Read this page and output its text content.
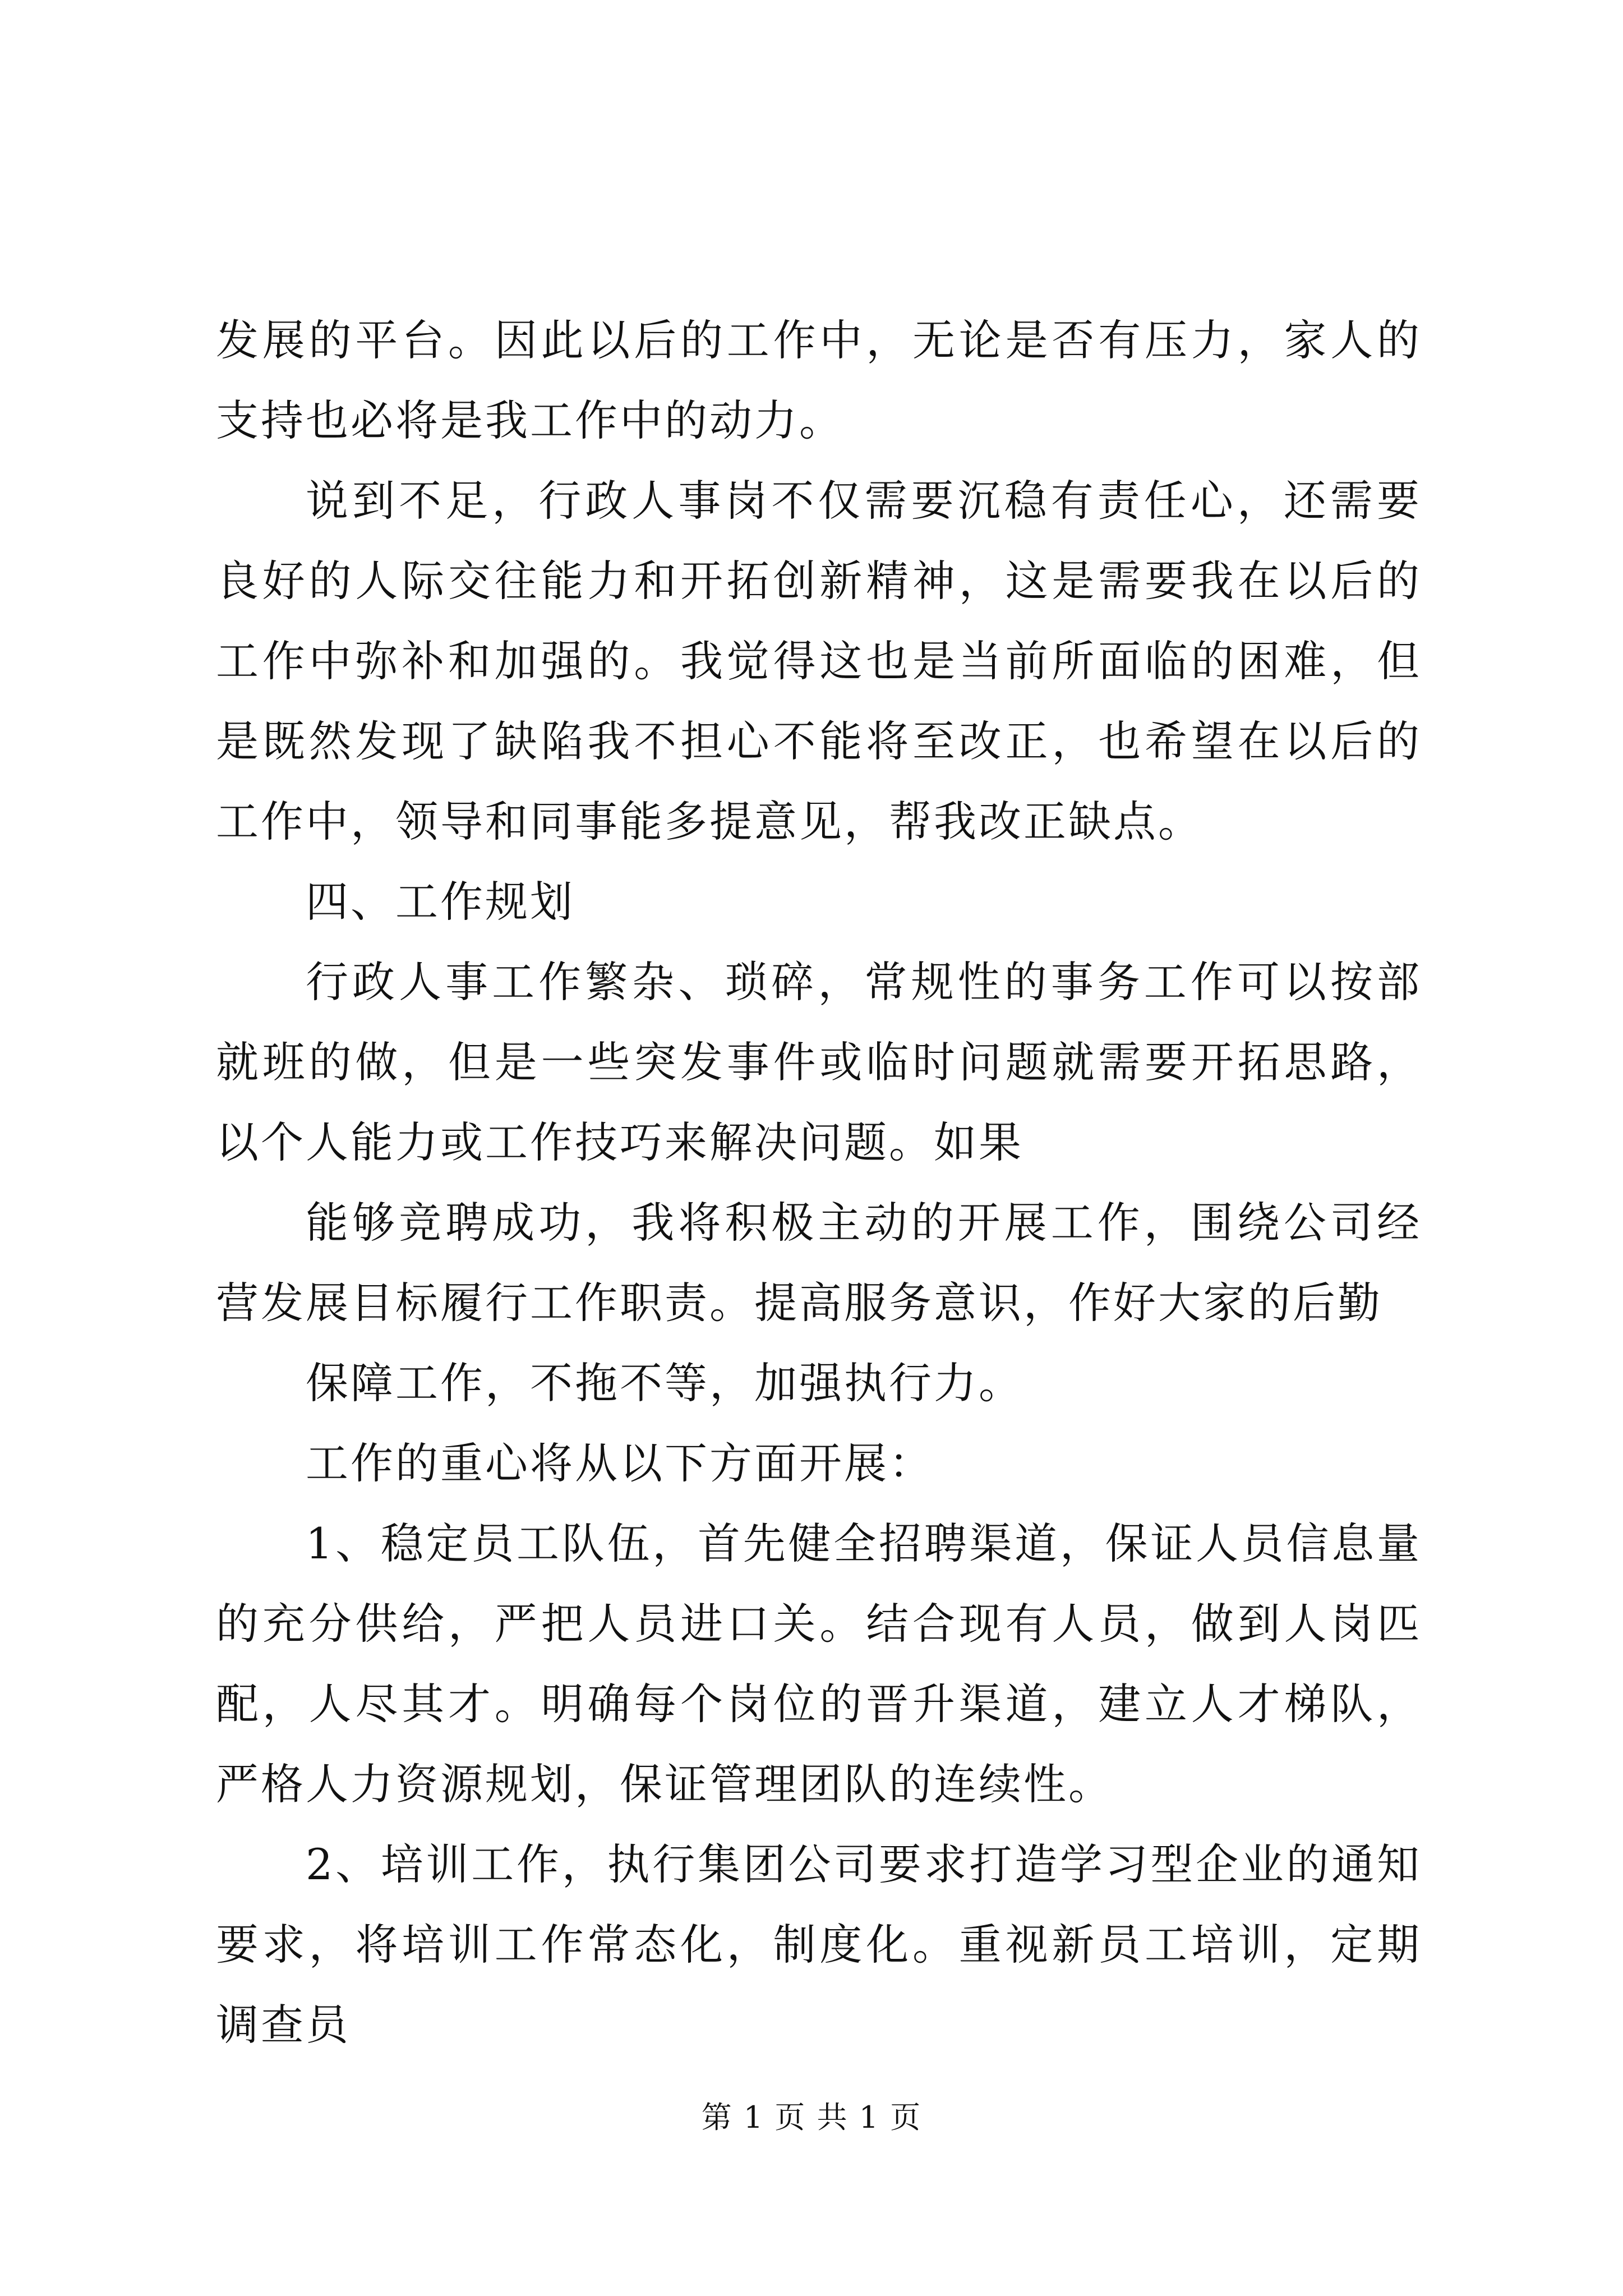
发展的平台。因此以后的工作中，无论是否有压力，家人的支持也必将是我工作中的动力。

说到不足，行政人事岗不仅需要沉稳有责任心，还需要良好的人际交往能力和开拓创新精神，这是需要我在以后的工作中弥补和加强的。我觉得这也是当前所面临的困难，但是既然发现了缺陷我不担心不能将至改正，也希望在以后的工作中，领导和同事能多提意见，帮我改正缺点。

四、工作规划

行政人事工作繁杂、琐碎，常规性的事务工作可以按部就班的做，但是一些突发事件或临时问题就需要开拓思路，以个人能力或工作技巧来解决问题。如果

能够竞聘成功，我将积极主动的开展工作，围绕公司经营发展目标履行工作职责。提高服务意识，作好大家的后勤

保障工作，不拖不等，加强执行力。

工作的重心将从以下方面开展：

1、稳定员工队伍，首先健全招聘渠道，保证人员信息量的充分供给，严把人员进口关。结合现有人员，做到人岗匹配，人尽其才。明确每个岗位的晋升渠道，建立人才梯队，严格人力资源规划，保证管理团队的连续性。

2、培训工作，执行集团公司要求打造学习型企业的通知要求，将培训工作常态化，制度化。重视新员工培训，定期调查员

第 1 页 共 1 页
